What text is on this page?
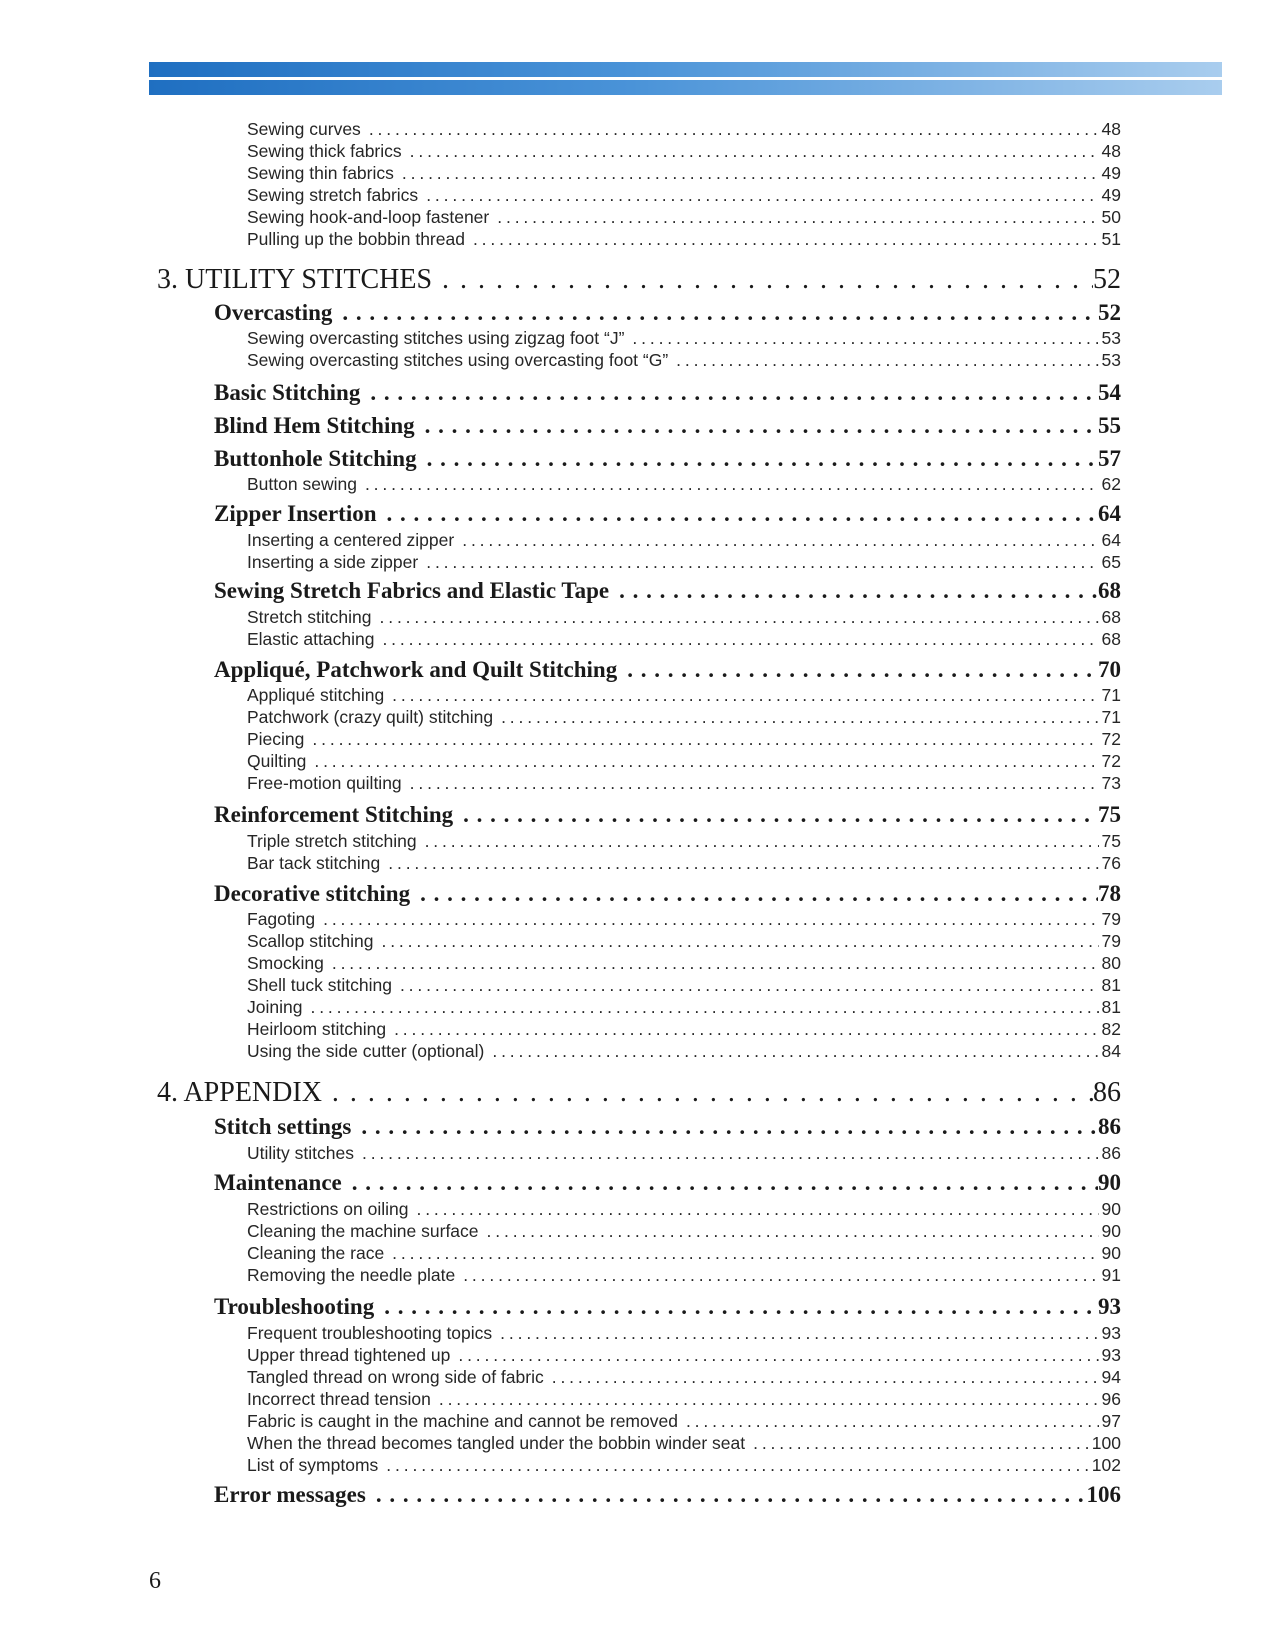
Sewing curves . . .	48
Sewing thick fabrics . . .	48
Sewing thin fabrics . . .	49
Sewing stretch fabrics . . .	49
Sewing hook-and-loop fastener . . .	50
Pulling up the bobbin thread . . .	51
3. UTILITY STITCHES . . .	52
Overcasting . . .	52
Sewing overcasting stitches using zigzag foot “J” . . .	53
Sewing overcasting stitches using overcasting foot “G” . . .	53
Basic Stitching . . .	54
Blind Hem Stitching . . .	55
Buttonhole Stitching . . .	57
Button sewing . . .	62
Zipper Insertion . . .	64
Inserting a centered zipper . . .	64
Inserting a side zipper . . .	65
Sewing Stretch Fabrics and Elastic Tape . . .	68
Stretch stitching . . .	68
Elastic attaching . . .	68
Appliqué, Patchwork and Quilt Stitching . . .	70
Appliqué stitching . . .	71
Patchwork (crazy quilt) stitching . . .	71
Piecing . . .	72
Quilting . . .	72
Free-motion quilting . . .	73
Reinforcement Stitching . . .	75
Triple stretch stitching . . .	75
Bar tack stitching . . .	76
Decorative stitching . . .	78
Fagoting . . .	79
Scallop stitching . . .	79
Smocking . . .	80
Shell tuck stitching . . .	81
Joining . . .	81
Heirloom stitching . . .	82
Using the side cutter (optional) . . .	84
4. APPENDIX . . .	86
Stitch settings . . .	86
Utility stitches . . .	86
Maintenance . . .	90
Restrictions on oiling . . .	90
Cleaning the machine surface . . .	90
Cleaning the race . . .	90
Removing the needle plate . . .	91
Troubleshooting . . .	93
Frequent troubleshooting topics . . .	93
Upper thread tightened up . . .	93
Tangled thread on wrong side of fabric . . .	94
Incorrect thread tension . . .	96
Fabric is caught in the machine and cannot be removed . . .	97
When the thread becomes tangled under the bobbin winder seat . . .	100
List of symptoms . . .	102
Error messages . . .	106
6
